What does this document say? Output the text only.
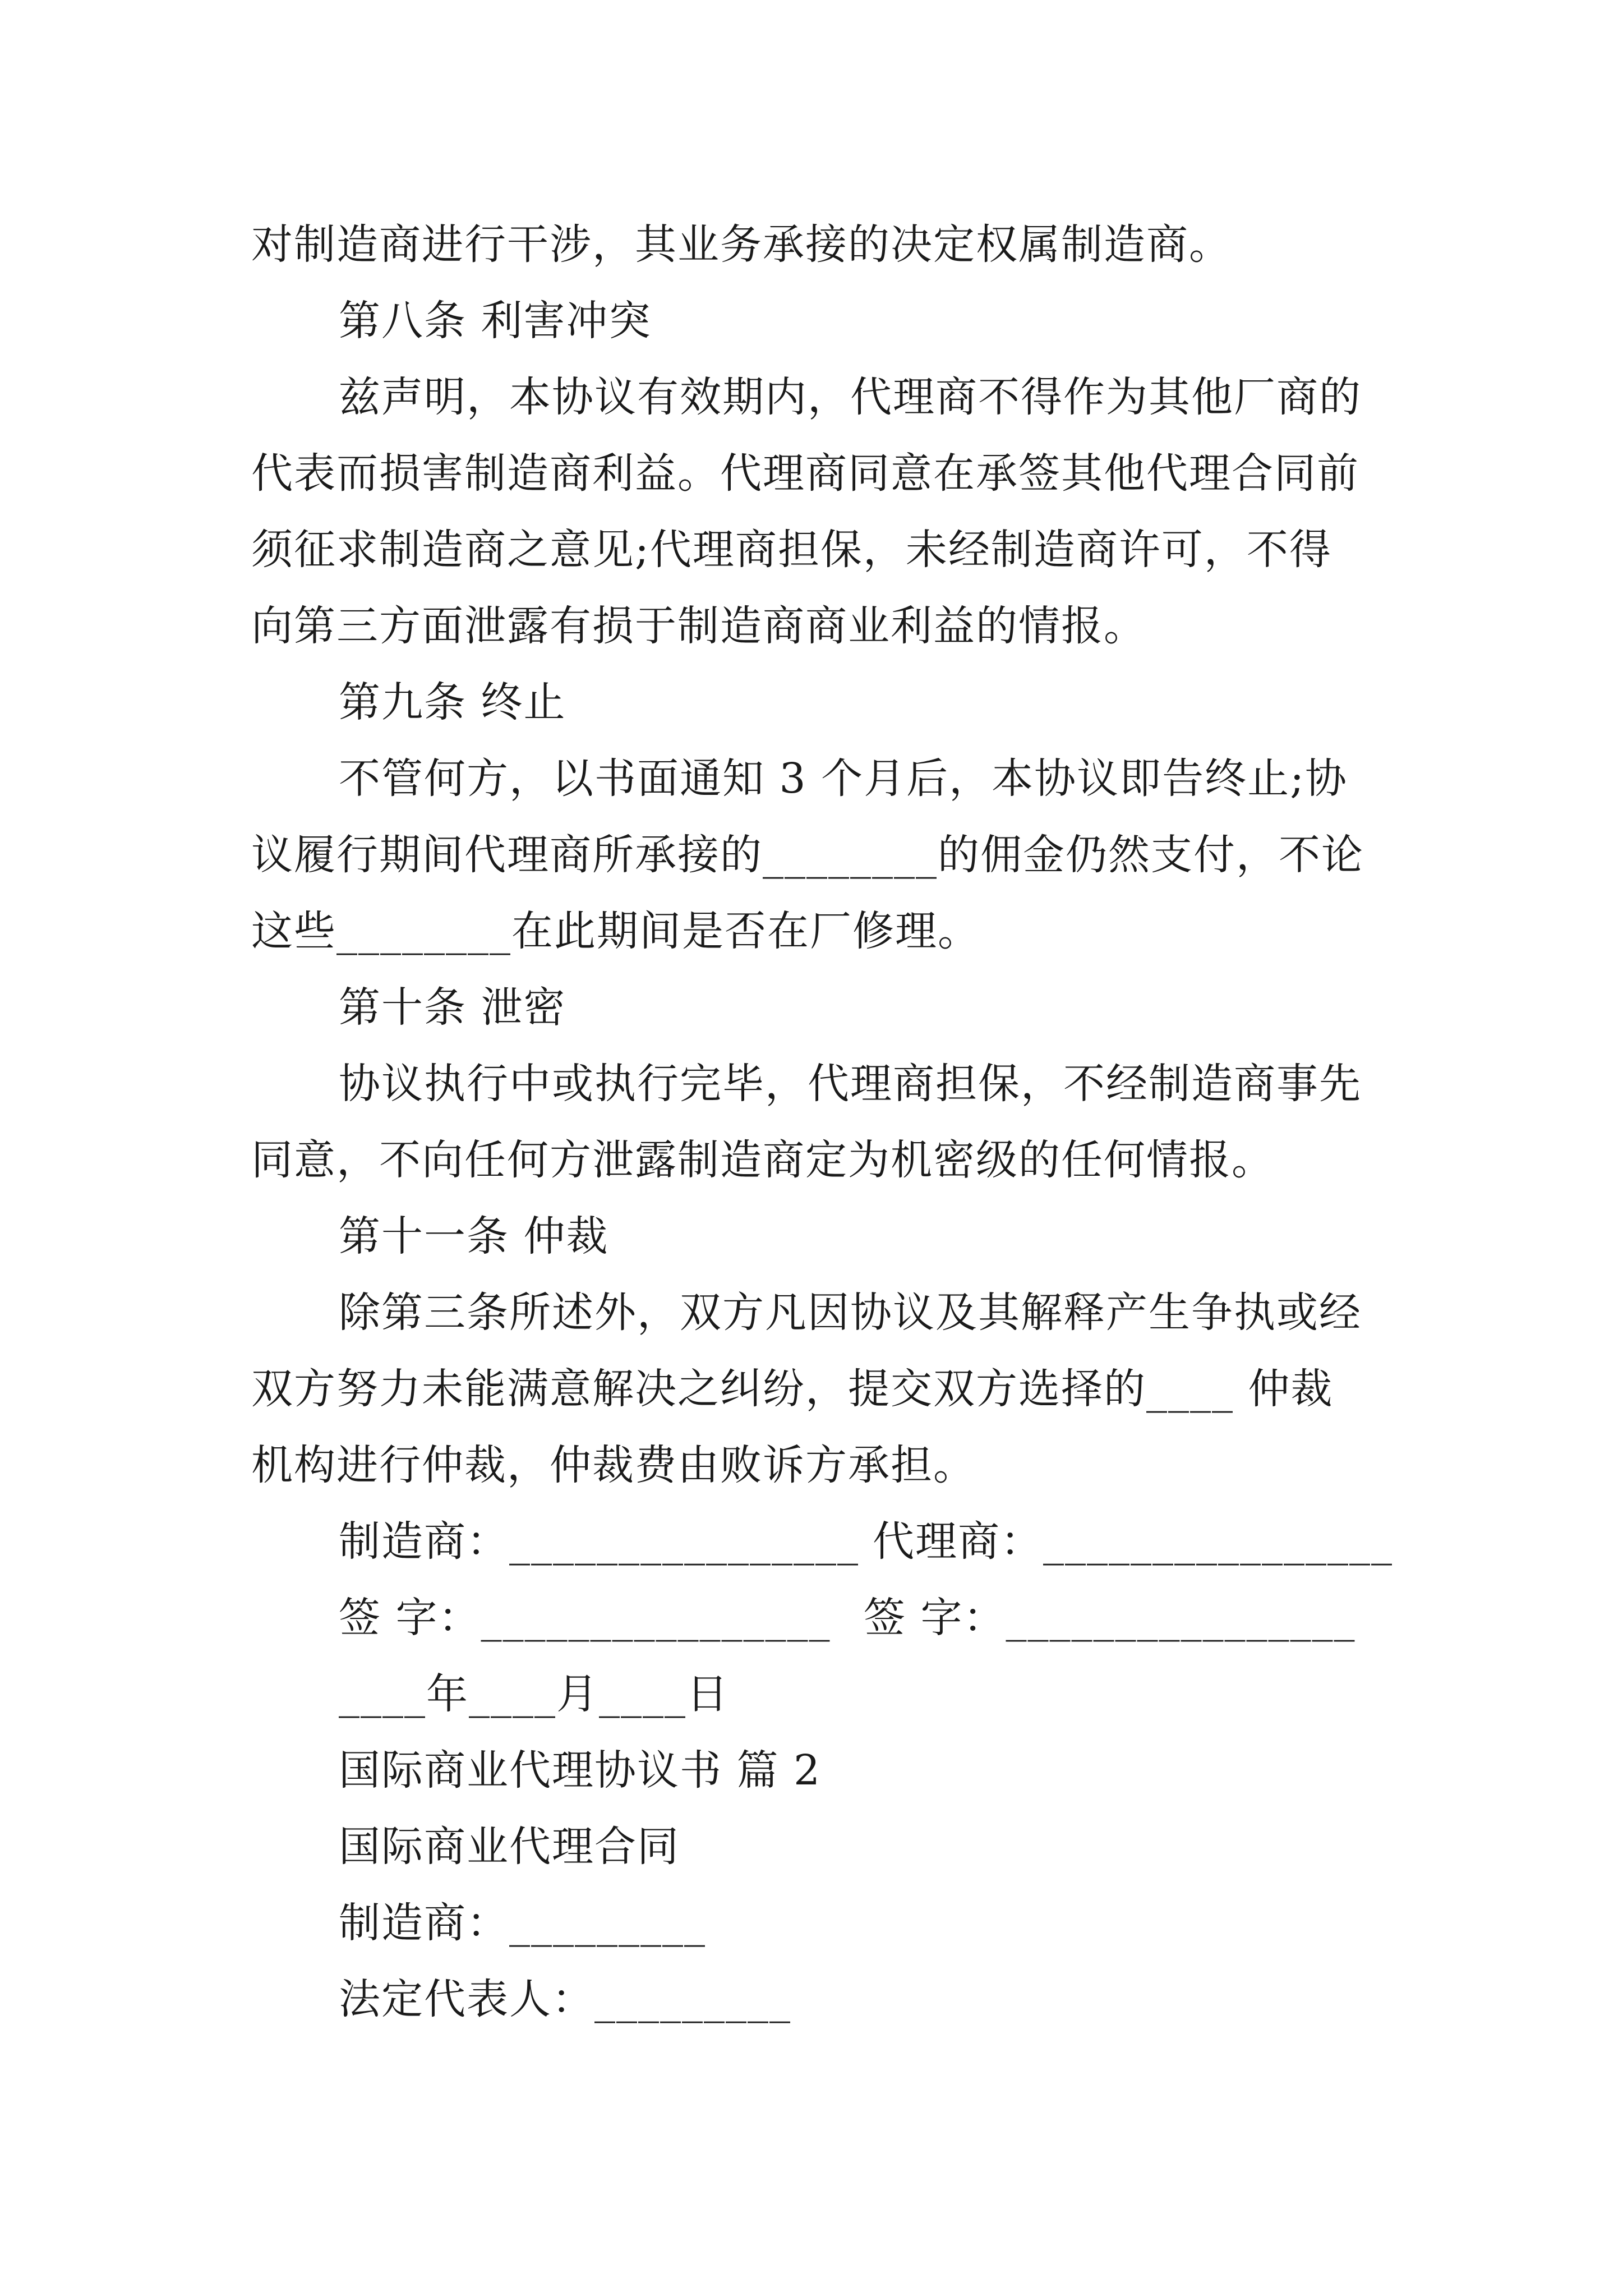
对制造商进行干涉，其业务承接的决定权属制造商。
第八条 利害冲突
兹声明，本协议有效期内，代理商不得作为其他厂商的
代表而损害制造商利益。代理商同意在承签其他代理合同前
须征求制造商之意见;代理商担保，未经制造商许可，不得
向第三方面泄露有损于制造商商业利益的情报。
第九条 终止
不管何方，以书面通知 3 个月后，本协议即告终止;协
议履行期间代理商所承接的________的佣金仍然支付，不论
这些________在此期间是否在厂修理。
第十条 泄密
协议执行中或执行完毕，代理商担保，不经制造商事先
同意，不向任何方泄露制造商定为机密级的任何情报。
第十一条 仲裁
除第三条所述外，双方凡因协议及其解释产生争执或经
双方努力未能满意解决之纠纷，提交双方选择的____ 仲裁
机构进行仲裁，仲裁费由败诉方承担。
制造商：________________ 代理商：________________
签 字：________________ 签 字：________________
____年____月____日
国际商业代理协议书 篇 2
国际商业代理合同
制造商：_________
法定代表人：_________
